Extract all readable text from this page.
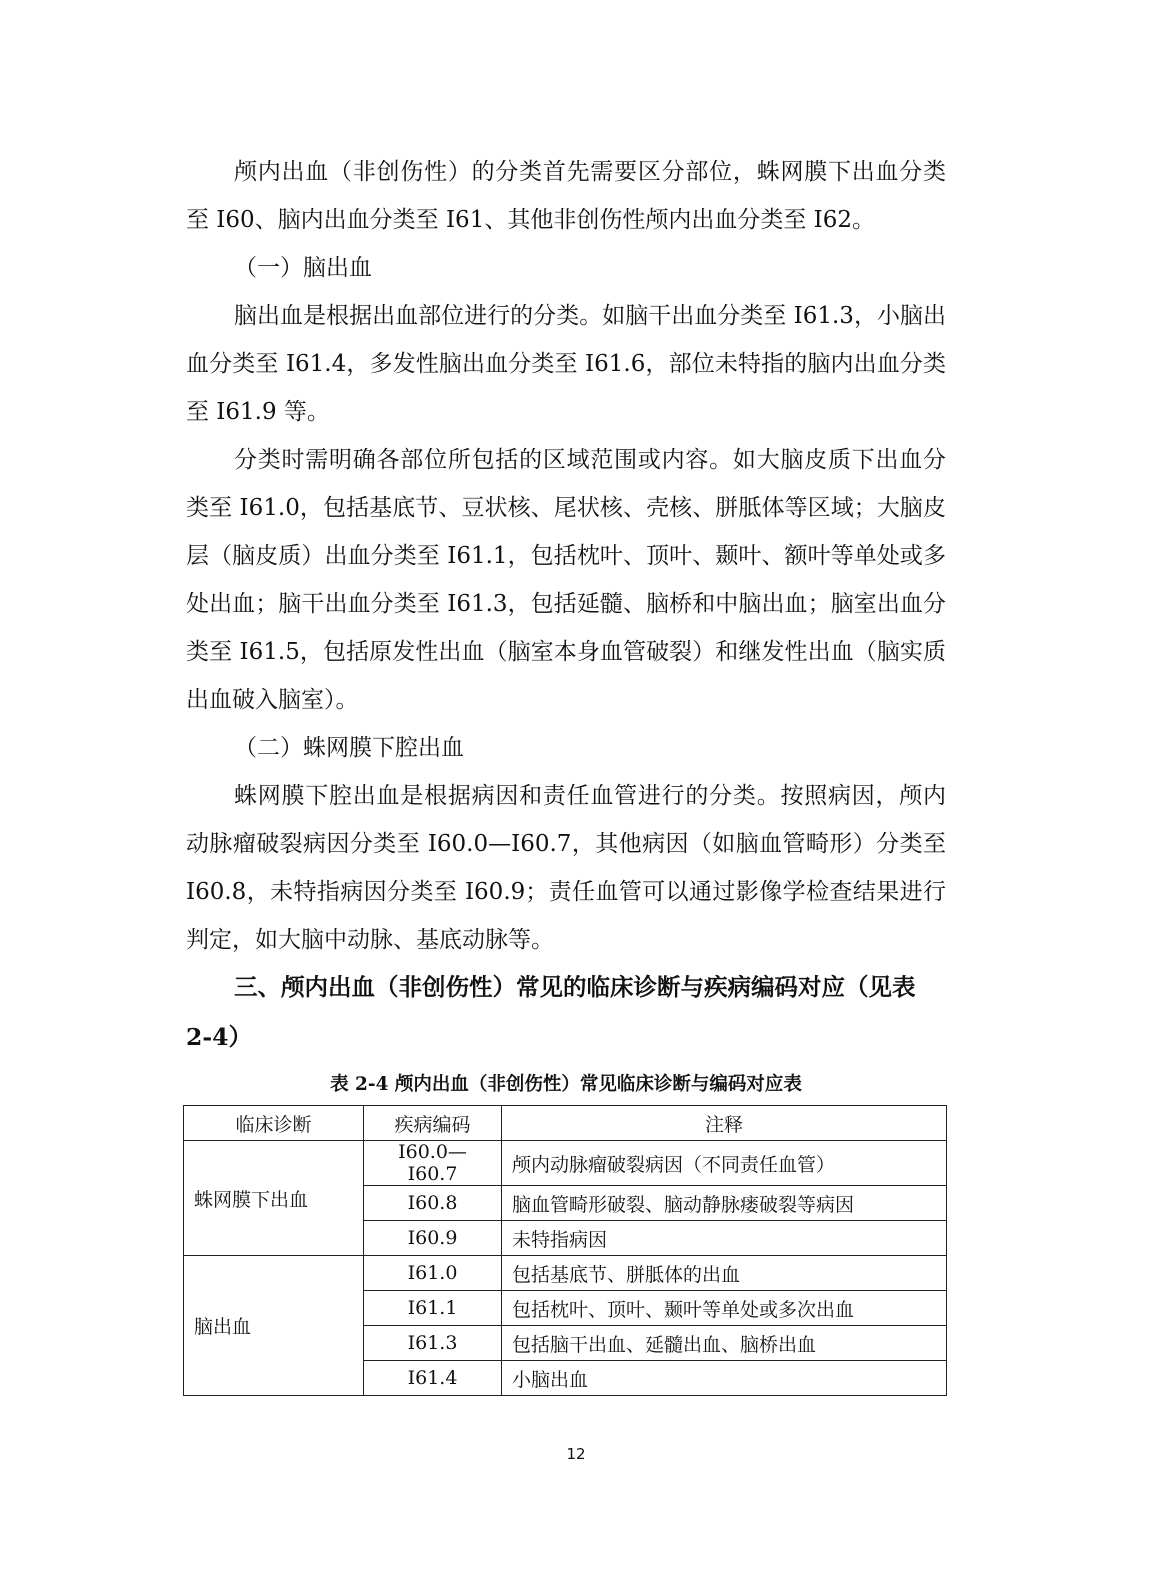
颅内出血（非创伤性）的分类首先需要区分部位，蛛网膜下出血分类至 I60、脑内出血分类至 I61、其他非创伤性颅内出血分类至 I62。

（一）脑出血

脑出血是根据出血部位进行的分类。如脑干出血分类至 I61.3，小脑出血分类至 I61.4，多发性脑出血分类至 I61.6，部位未特指的脑内出血分类至 I61.9 等。

分类时需明确各部位所包括的区域范围或内容。如大脑皮质下出血分类至 I61.0，包括基底节、豆状核、尾状核、壳核、胼胝体等区域；大脑皮层（脑皮质）出血分类至 I61.1，包括枕叶、顶叶、颞叶、额叶等单处或多处出血；脑干出血分类至 I61.3，包括延髓、脑桥和中脑出血；脑室出血分类至 I61.5，包括原发性出血（脑室本身血管破裂）和继发性出血（脑实质出血破入脑室）。

（二）蛛网膜下腔出血

蛛网膜下腔出血是根据病因和责任血管进行的分类。按照病因，颅内动脉瘤破裂病因分类至 I60.0—I60.7，其他病因（如脑血管畸形）分类至 I60.8，未特指病因分类至 I60.9；责任血管可以通过影像学检查结果进行判定，如大脑中动脉、基底动脉等。

三、颅内出血（非创伤性）常见的临床诊断与疾病编码对应（见表 2-4）

表 2-4 颅内出血（非创伤性）常见临床诊断与编码对应表

临床诊断	疾病编码	注释
蛛网膜下出血	I60.0—I60.7	颅内动脉瘤破裂病因（不同责任血管）
	I60.8	脑血管畸形破裂、脑动静脉瘘破裂等病因
	I60.9	未特指病因
脑出血	I61.0	包括基底节、胼胝体的出血
	I61.1	包括枕叶、顶叶、颞叶等单处或多次出血
	I61.3	包括脑干出血、延髓出血、脑桥出血
	I61.4	小脑出血

12
